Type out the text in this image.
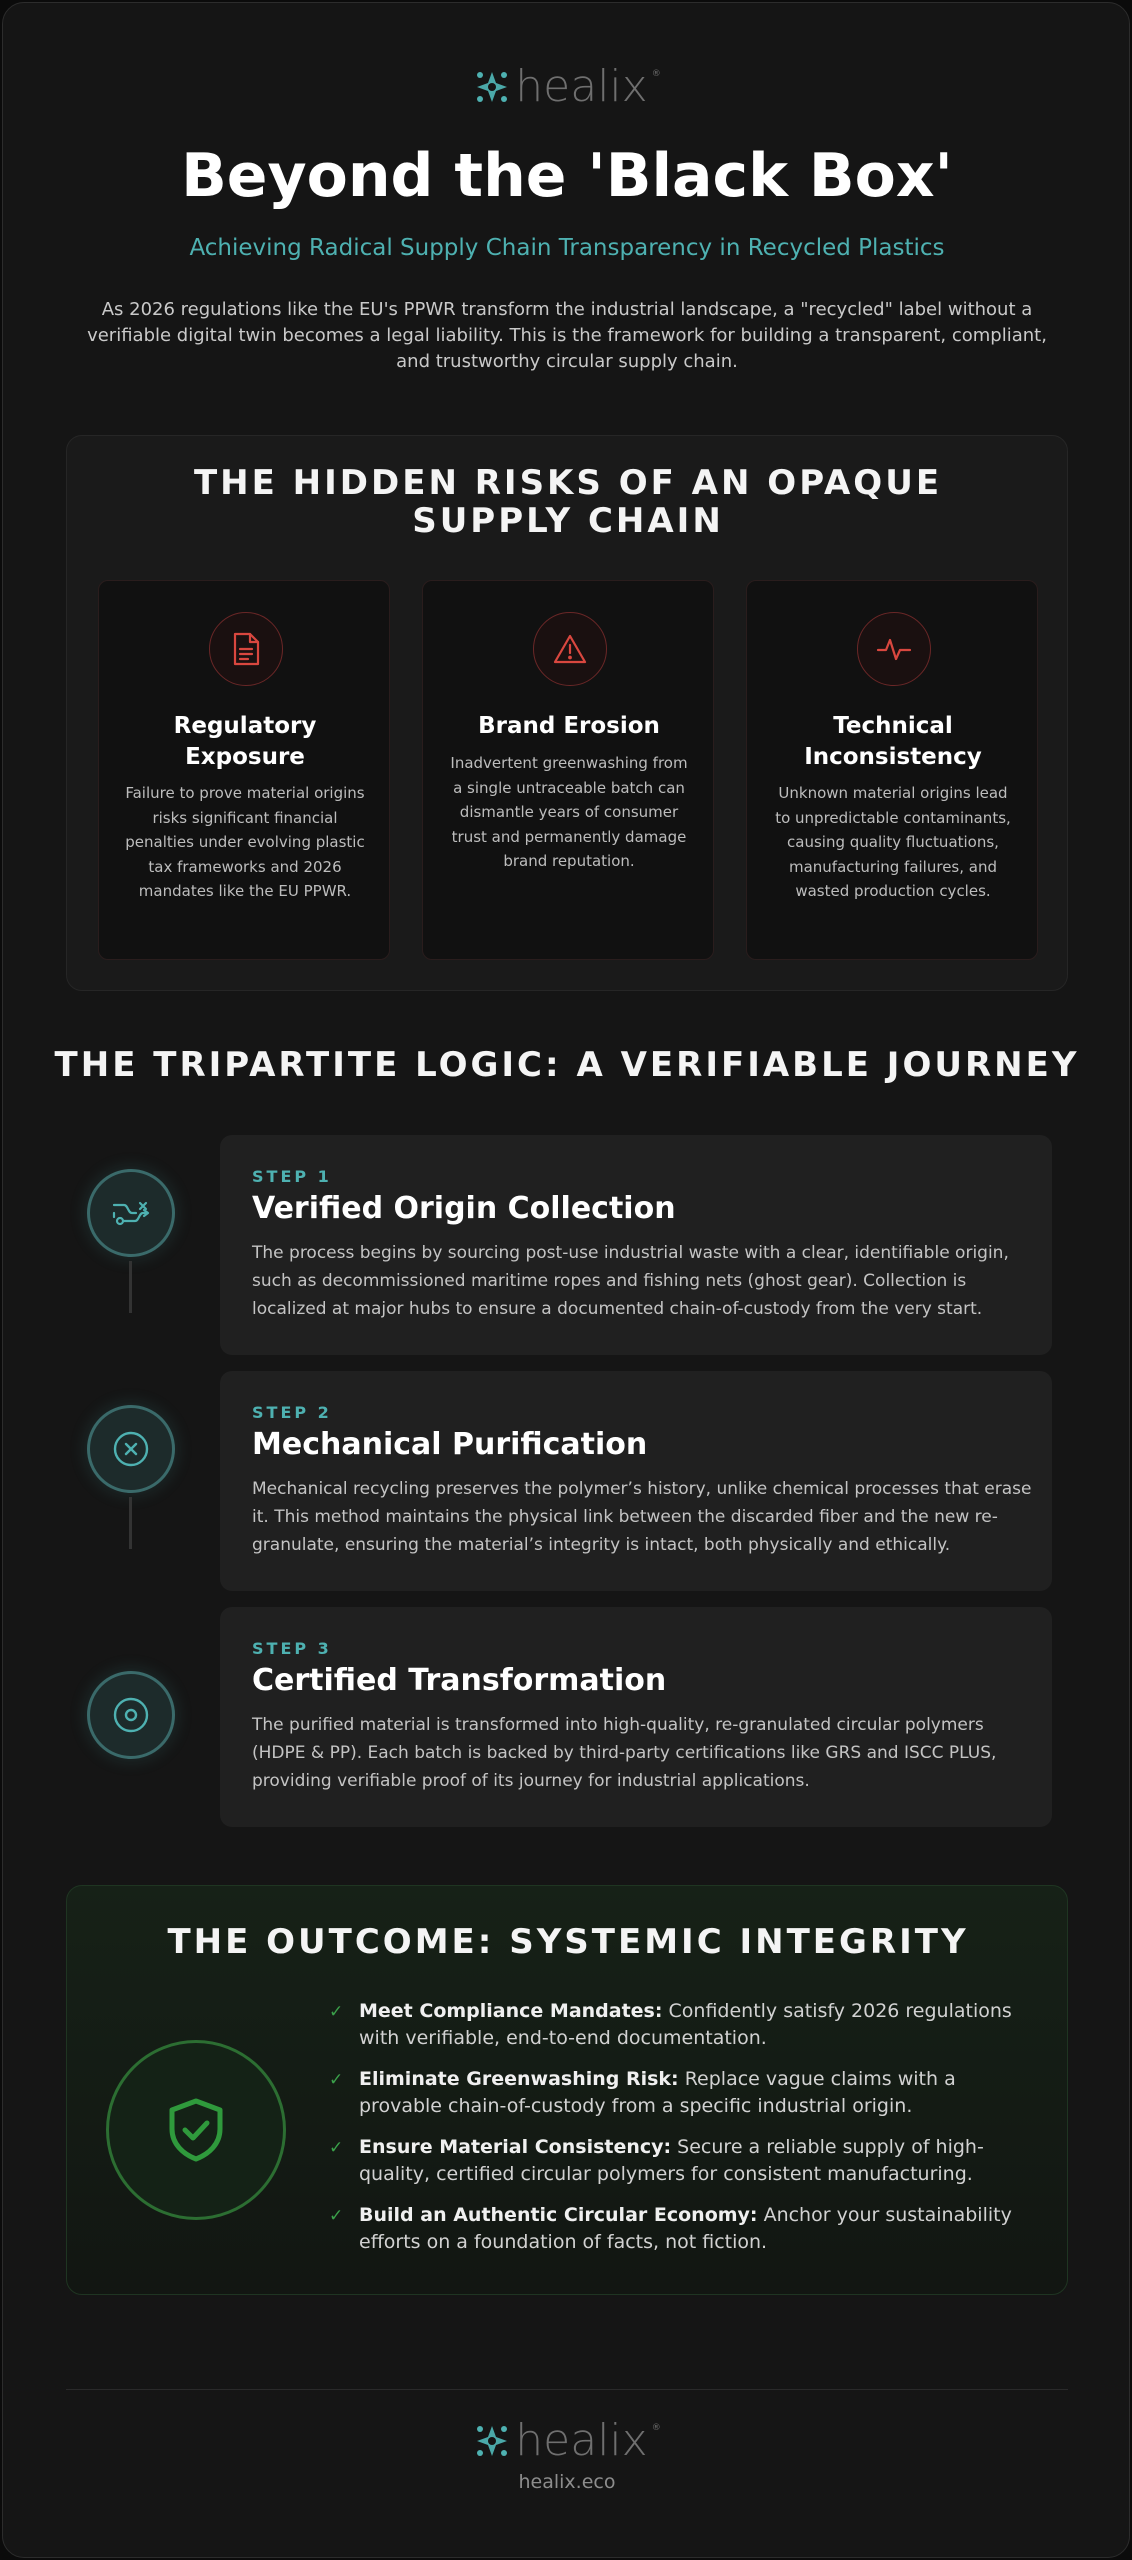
healix ®
Beyond the 'Black Box'
Achieving Radical Supply Chain Transparency in Recycled Plastics

As 2026 regulations like the EU's PPWR transform the industrial landscape, a "recycled" label without a verifiable digital twin becomes a legal liability. This is the framework for building a transparent, compliant, and trustworthy circular supply chain.

THE HIDDEN RISKS OF AN OPAQUE SUPPLY CHAIN
Regulatory Exposure
Failure to prove material origins risks significant financial penalties under evolving plastic tax frameworks and 2026 mandates like the EU PPWR.
Brand Erosion
Inadvertent greenwashing from a single untraceable batch can dismantle years of consumer trust and permanently damage brand reputation.
Technical Inconsistency
Unknown material origins lead to unpredictable contaminants, causing quality fluctuations, manufacturing failures, and wasted production cycles.
THE TRIPARTITE LOGIC: A VERIFIABLE JOURNEY
STEP 1
Verified Origin Collection

The process begins by sourcing post-use industrial waste with a clear, identifiable origin, such as decommissioned maritime ropes and fishing nets (ghost gear). Collection is localized at major hubs to ensure a documented chain-of-custody from the very start.

STEP 2
Mechanical Purification

Mechanical recycling preserves the polymer’s history, unlike chemical processes that erase it. This method maintains the physical link between the discarded fiber and the new re-granulate, ensuring the material’s integrity is intact, both physically and ethically.

STEP 3
Certified Transformation

The purified material is transformed into high-quality, re-granulated circular polymers (HDPE & PP). Each batch is backed by third-party certifications like GRS and ISCC PLUS, providing verifiable proof of its journey for industrial applications.

THE OUTCOME: SYSTEMIC INTEGRITY
✓ Meet Compliance Mandates: Confidently satisfy 2026 regulations with verifiable, end-to-end documentation.
✓ Eliminate Greenwashing Risk: Replace vague claims with a provable chain-of-custody from a specific industrial origin.
✓ Ensure Material Consistency: Secure a reliable supply of high-quality, certified circular polymers for consistent manufacturing.
✓ Build an Authentic Circular Economy: Anchor your sustainability efforts on a foundation of facts, not fiction.
healix ®
healix.eco
